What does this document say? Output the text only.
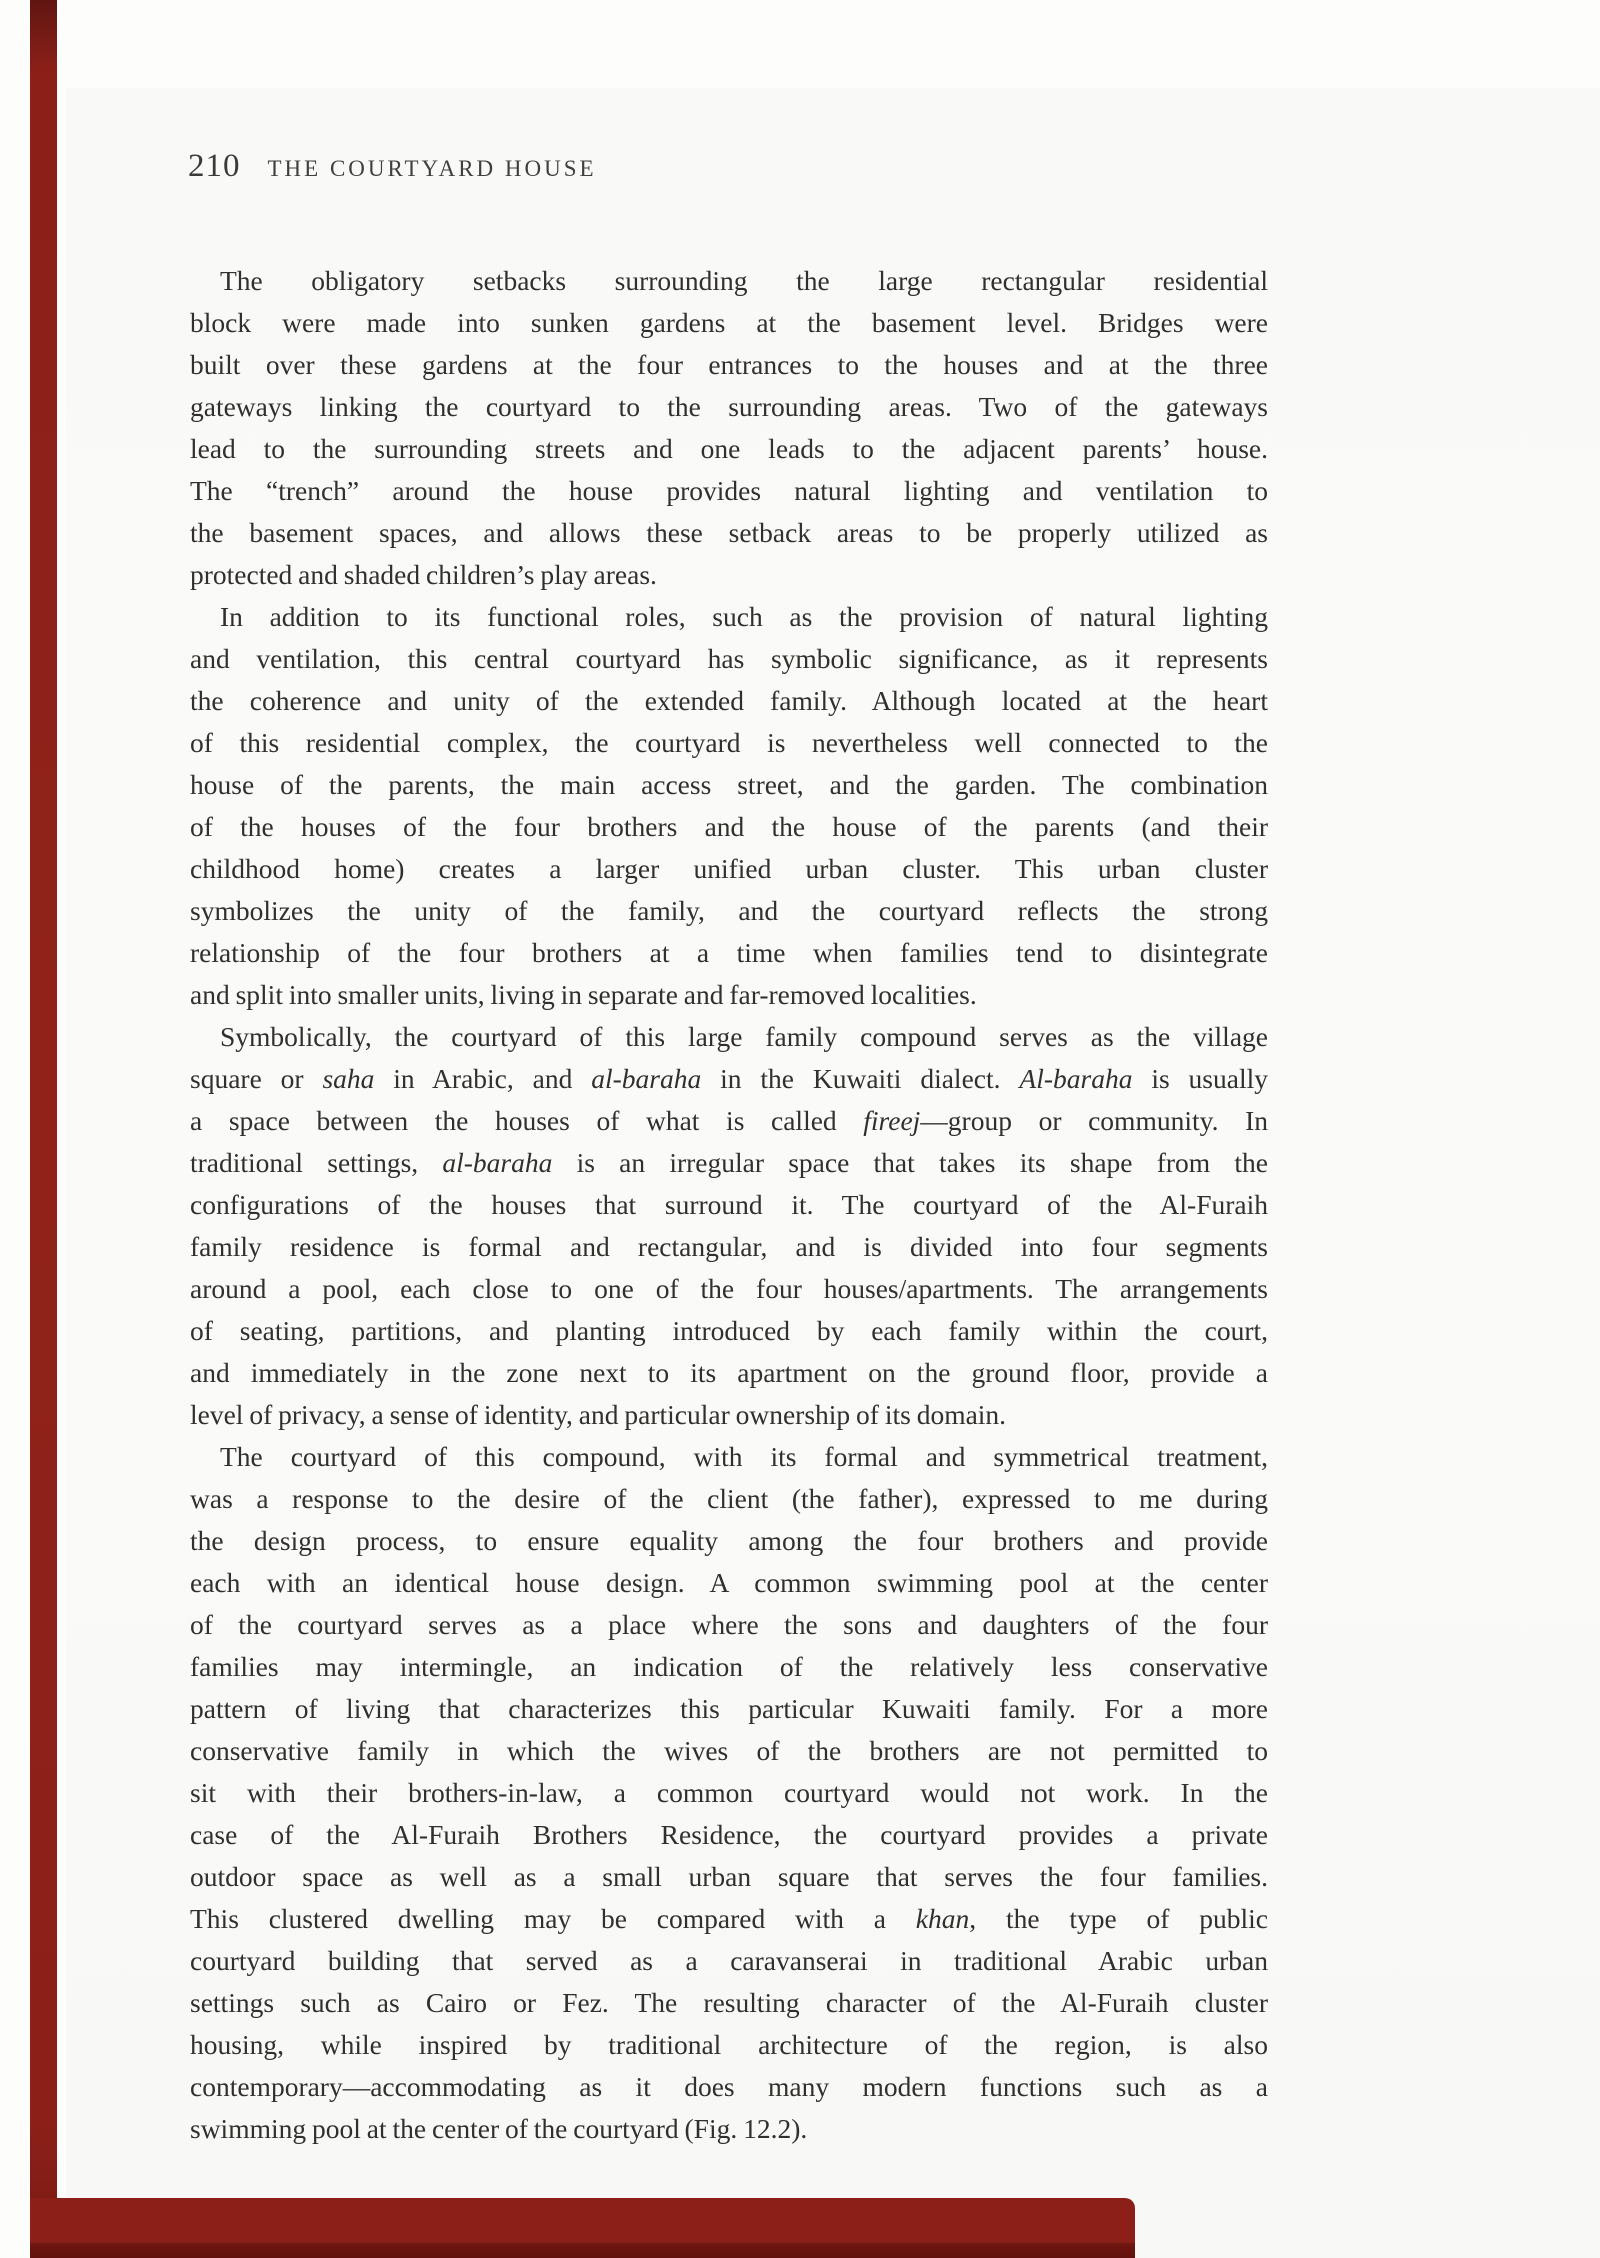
210 THE COURTYARD HOUSE
The obligatory setbacks surrounding the large rectangular residential
block were made into sunken gardens at the basement level. Bridges were
built over these gardens at the four entrances to the houses and at the three
gateways linking the courtyard to the surrounding areas. Two of the gateways
lead to the surrounding streets and one leads to the adjacent parents’ house.
The “trench” around the house provides natural lighting and ventilation to
the basement spaces, and allows these setback areas to be properly utilized as
protected and shaded children’s play areas.
In addition to its functional roles, such as the provision of natural lighting
and ventilation, this central courtyard has symbolic significance, as it represents
the coherence and unity of the extended family. Although located at the heart
of this residential complex, the courtyard is nevertheless well connected to the
house of the parents, the main access street, and the garden. The combination
of the houses of the four brothers and the house of the parents (and their
childhood home) creates a larger unified urban cluster. This urban cluster
symbolizes the unity of the family, and the courtyard reflects the strong
relationship of the four brothers at a time when families tend to disintegrate
and split into smaller units, living in separate and far-removed localities.
Symbolically, the courtyard of this large family compound serves as the village
square or saha in Arabic, and al-baraha in the Kuwaiti dialect. Al-baraha is usually
a space between the houses of what is called fireej—group or community. In
traditional settings, al-baraha is an irregular space that takes its shape from the
configurations of the houses that surround it. The courtyard of the Al-Furaih
family residence is formal and rectangular, and is divided into four segments
around a pool, each close to one of the four houses/apartments. The arrangements
of seating, partitions, and planting introduced by each family within the court,
and immediately in the zone next to its apartment on the ground floor, provide a
level of privacy, a sense of identity, and particular ownership of its domain.
The courtyard of this compound, with its formal and symmetrical treatment,
was a response to the desire of the client (the father), expressed to me during
the design process, to ensure equality among the four brothers and provide
each with an identical house design. A common swimming pool at the center
of the courtyard serves as a place where the sons and daughters of the four
families may intermingle, an indication of the relatively less conservative
pattern of living that characterizes this particular Kuwaiti family. For a more
conservative family in which the wives of the brothers are not permitted to
sit with their brothers-in-law, a common courtyard would not work. In the
case of the Al-Furaih Brothers Residence, the courtyard provides a private
outdoor space as well as a small urban square that serves the four families.
This clustered dwelling may be compared with a khan, the type of public
courtyard building that served as a caravanserai in traditional Arabic urban
settings such as Cairo or Fez. The resulting character of the Al-Furaih cluster
housing, while inspired by traditional architecture of the region, is also
contemporary—accommodating as it does many modern functions such as a
swimming pool at the center of the courtyard (Fig. 12.2).
